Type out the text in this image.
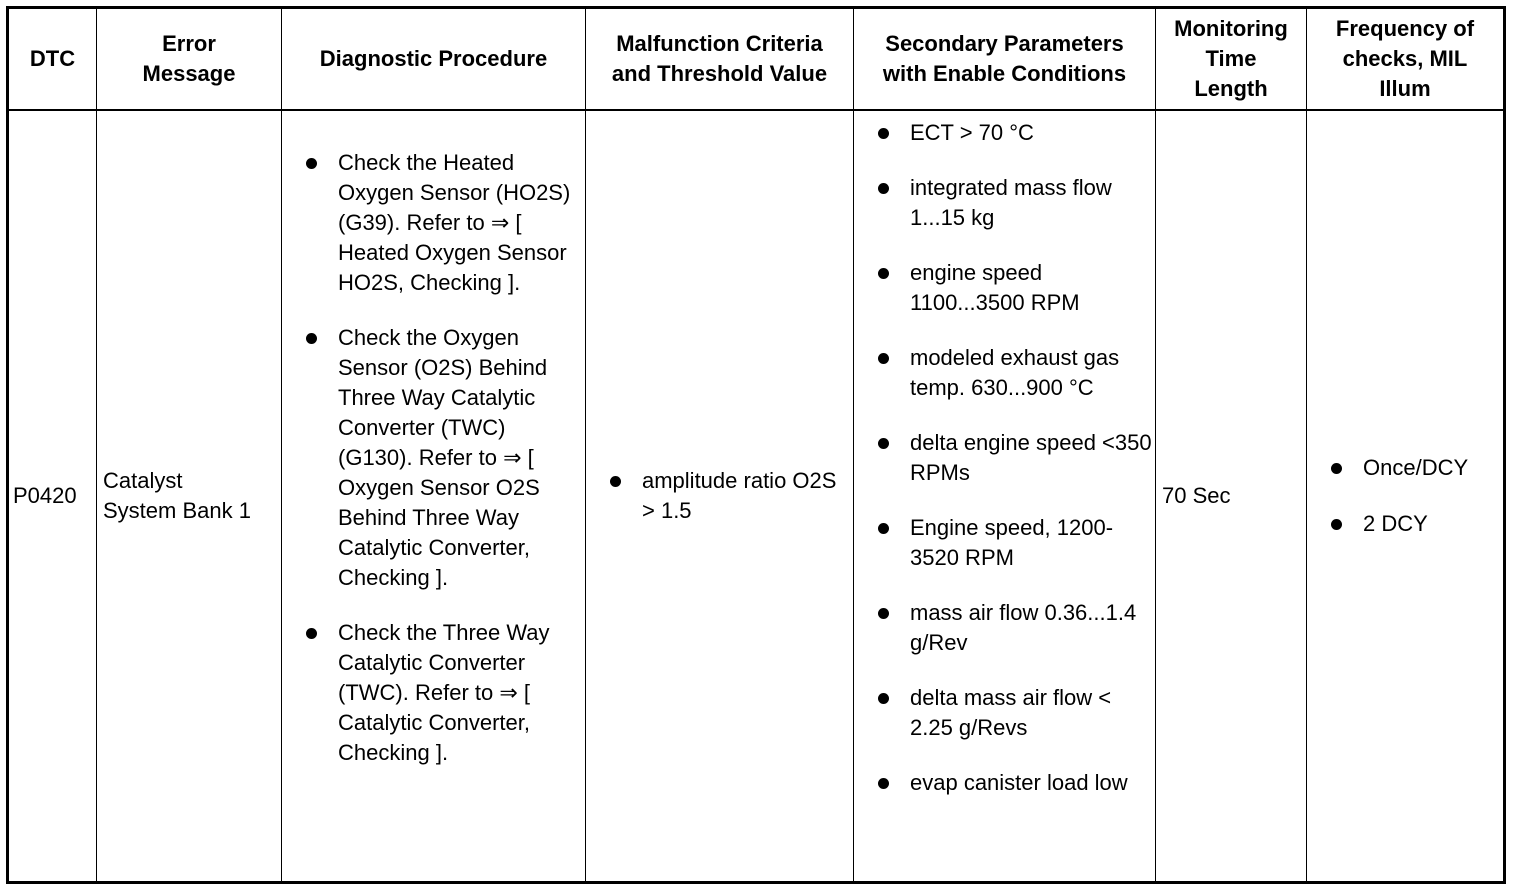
DTC
Error
Message
Diagnostic Procedure
Malfunction Criteria
and Threshold Value
Secondary Parameters
with Enable Conditions
Monitoring
Time
Length
Frequency of
checks, MIL
Illum
P0420
Catalyst System Bank 1
Check the Heated Oxygen Sensor (HO2S) (G39). Refer to ⇒ [ Heated Oxygen Sensor HO2S, Checking ].
Check the Oxygen Sensor (O2S) Behind Three Way Catalytic Converter (TWC) (G130). Refer to ⇒ [ Oxygen Sensor O2S Behind Three Way Catalytic Converter, Checking ].
Check the Three Way Catalytic Converter (TWC). Refer to ⇒ [ Catalytic Converter, Checking ].
amplitude ratio O2S > 1.5
ECT > 70 °C
integrated mass flow 1...15 kg
engine speed 1100...3500 RPM
modeled exhaust gas temp. 630...900 °C
delta engine speed <350 RPMs
Engine speed, 1200-3520 RPM
mass air flow 0.36...1.4 g/Rev
delta mass air flow < 2.25 g/Revs
evap canister load low
70 Sec
Once/DCY
2 DCY
